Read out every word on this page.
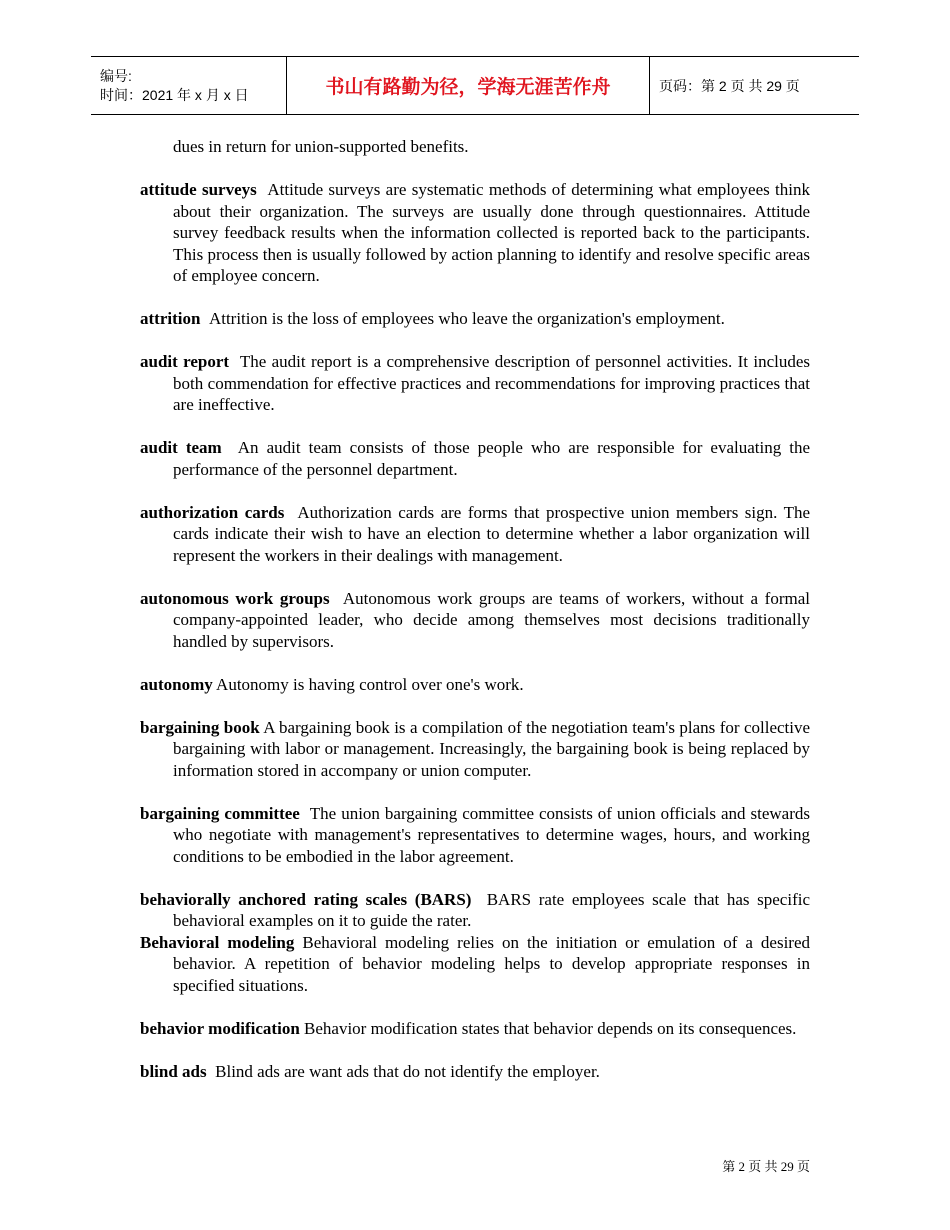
编号:
时间：2021 年 x 月 x 日	书山有路勤为径，学海无涯苦作舟	页码：第 2 页 共 29 页

dues in return for union-supported benefits.

attitude surveys Attitude surveys are systematic methods of determining what employees think about their organization. The surveys are usually done through questionnaires. Attitude survey feedback results when the information collected is reported back to the participants. This process then is usually followed by action planning to identify and resolve specific areas of employee concern.

attrition Attrition is the loss of employees who leave the organization's employment.

audit report The audit report is a comprehensive description of personnel activities. It includes both commendation for effective practices and recommendations for improving practices that are ineffective.

audit team An audit team consists of those people who are responsible for evaluating the performance of the personnel department.

authorization cards Authorization cards are forms that prospective union members sign. The cards indicate their wish to have an election to determine whether a labor organization will represent the workers in their dealings with management.

autonomous work groups Autonomous work groups are teams of workers, without a formal company-appointed leader, who decide among themselves most decisions traditionally handled by supervisors.

autonomy Autonomy is having control over one's work.

bargaining book A bargaining book is a compilation of the negotiation team's plans for collective bargaining with labor or management. Increasingly, the bargaining book is being replaced by information stored in accompany or union computer.

bargaining committee The union bargaining committee consists of union officials and stewards who negotiate with management's representatives to determine wages, hours, and working conditions to be embodied in the labor agreement.

behaviorally anchored rating scales (BARS) BARS rate employees scale that has specific behavioral examples on it to guide the rater.

Behavioral modeling Behavioral modeling relies on the initiation or emulation of a desired behavior. A repetition of behavior modeling helps to develop appropriate responses in specified situations.

behavior modification Behavior modification states that behavior depends on its consequences.

blind ads Blind ads are want ads that do not identify the employer.

第 2 页 共 29 页
